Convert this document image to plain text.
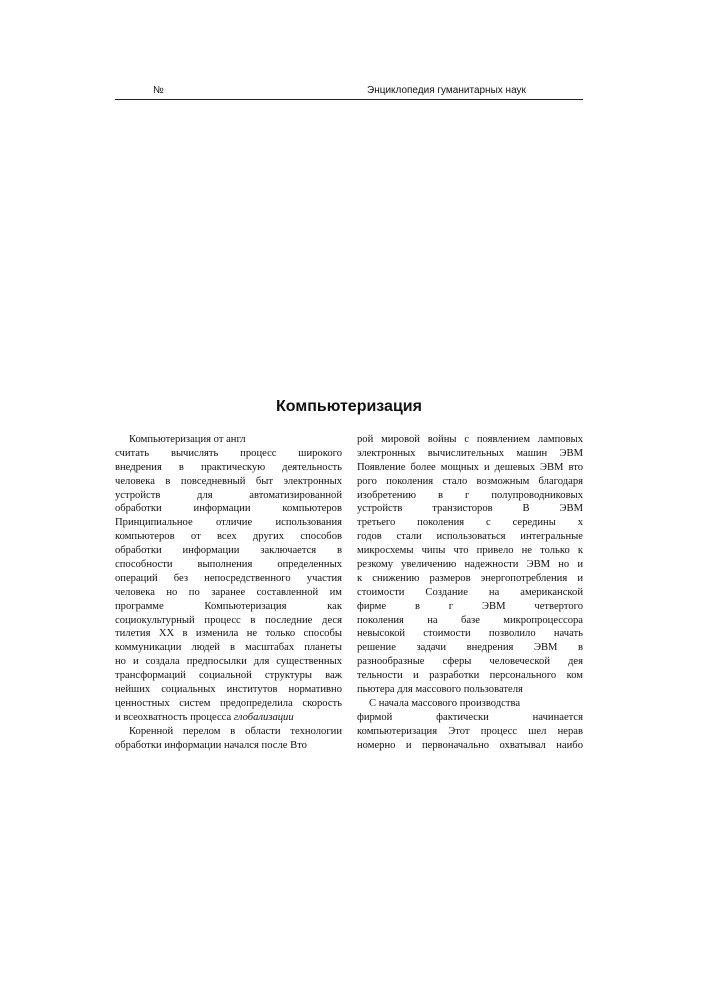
№	Энциклопедия гуманитарных наук
Компьютеризация
Компьютеризация от англ
считать вычислять процесс широкого
внедрения в практическую деятельность
человека в повседневный быт электронных
устройств для автоматизированной
обработки информации компьютеров
Принципиальное отличие использования
компьютеров от всех других способов
обработки информации заключается в
способности выполнения определенных
операций без непосредственного участия
человека но по заранее составленной им
программе Компьютеризация как
социокультурный процесс в последние деся
тилетия XX в изменила не только способы
коммуникации людей в масштабах планеты
но и создала предпосылки для существенных
трансформаций социальной структуры важ
нейших социальных институтов нормативно
ценностных систем предопределила скорость
и всеохватность процесса глобализации
Коренной перелом в области технологии
обработки информации начался после Вто
рой мировой войны с появлением ламповых
электронных вычислительных машин ЭВМ
Появление более мощных и дешевых ЭВМ вто
рого поколения стало возможным благодаря
изобретению в г полупроводниковых
устройств транзисторов В ЭВМ
третьего поколения с середины х
годов стали использоваться интегральные
микросхемы чипы что привело не только к
резкому увеличению надежности ЭВМ но и
к снижению размеров энергопотребления и
стоимости Создание на американской
фирме в г ЭВМ четвертого
поколения на базе микропроцессора
невысокой стоимости позволило начать
решение задачи внедрения ЭВМ в
разнообразные сферы человеческой дея
тельности и разработки персонального ком
пьютера для массового пользователя
С начала массового производства
фирмой фактически начинается
компьютеризация Этот процесс шел нерав
номерно и первоначально охватывал наибо
